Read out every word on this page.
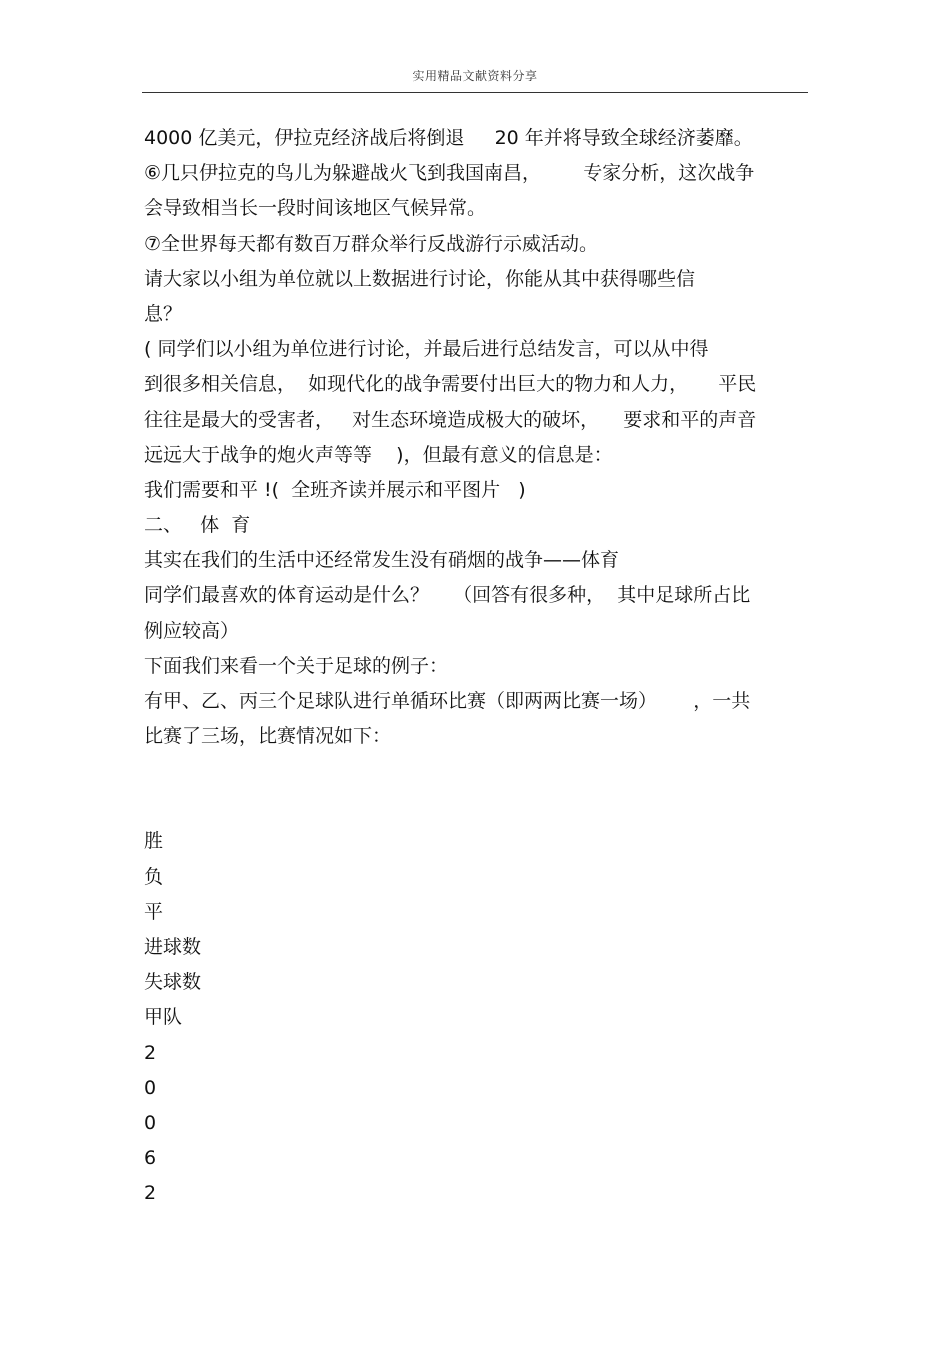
实用精品文献资料分享
4000 亿美元，伊拉克经济战后将倒退     20 年并将导致全球经济萎靡。
⑥几只伊拉克的鸟儿为躲避战火飞到我国南昌，       专家分析，这次战争
会导致相当长一段时间该地区气候异常。
⑦全世界每天都有数百万群众举行反战游行示威活动。
请大家以小组为单位就以上数据进行讨论，你能从其中获得哪些信
息？
( 同学们以小组为单位进行讨论，并最后进行总结发言，可以从中得
到很多相关信息，  如现代化的战争需要付出巨大的物力和人力，     平民
往往是最大的受害者，   对生态环境造成极大的破坏，    要求和平的声音
远远大于战争的炮火声等等    )，但最有意义的信息是：
我们需要和平 !(  全班齐读并展示和平图片   )
二、   体  育
其实在我们的生活中还经常发生没有硝烟的战争——体育
同学们最喜欢的体育运动是什么？    （回答有很多种，  其中足球所占比
例应较高）
下面我们来看一个关于足球的例子：
有甲、乙、丙三个足球队进行单循环比赛（即两两比赛一场）      ，一共
比赛了三场，比赛情况如下：
胜
负
平
进球数
失球数
甲队
2
0
0
6
2
